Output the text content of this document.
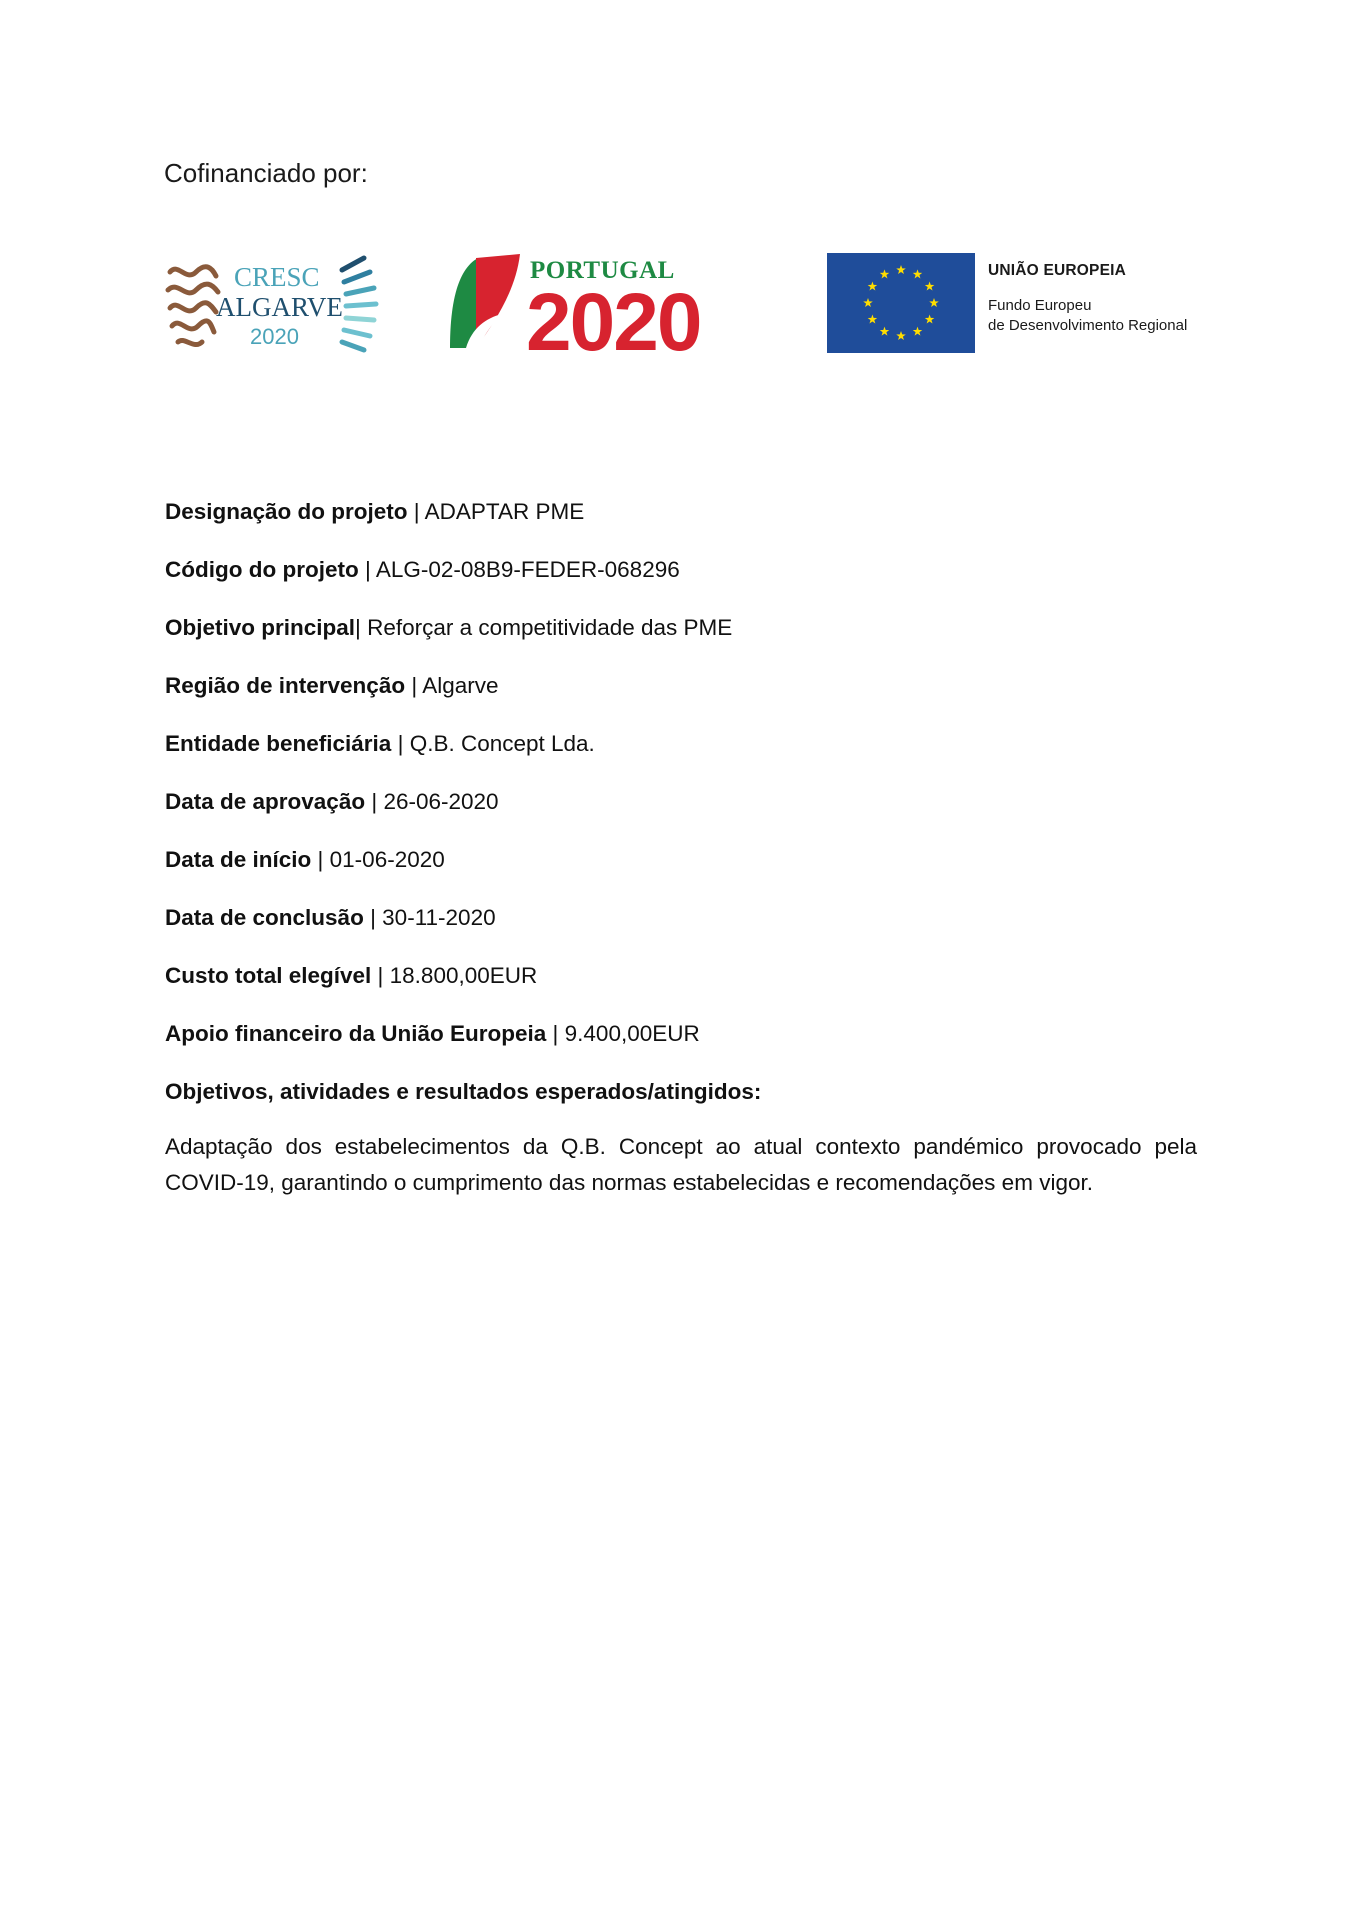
Cofinanciado por:
CRESC
ALGARVE
2020
PORTUGAL
2020
UNIÃO EUROPEIA
Fundo Europeu
de Desenvolvimento Regional
Designação do projeto | ADAPTAR PME
Código do projeto | ALG-02-08B9-FEDER-068296
Objetivo principal| Reforçar a competitividade das PME
Região de intervenção | Algarve
Entidade beneficiária | Q.B. Concept Lda.
Data de aprovação | 26-06-2020
Data de início | 01-06-2020
Data de conclusão | 30-11-2020
Custo total elegível | 18.800,00EUR
Apoio financeiro da União Europeia | 9.400,00EUR
Objetivos, atividades e resultados esperados/atingidos:
Adaptação dos estabelecimentos da Q.B. Concept ao atual contexto pandémico provocado pela COVID-19, garantindo o cumprimento das normas estabelecidas e recomendações em vigor.
